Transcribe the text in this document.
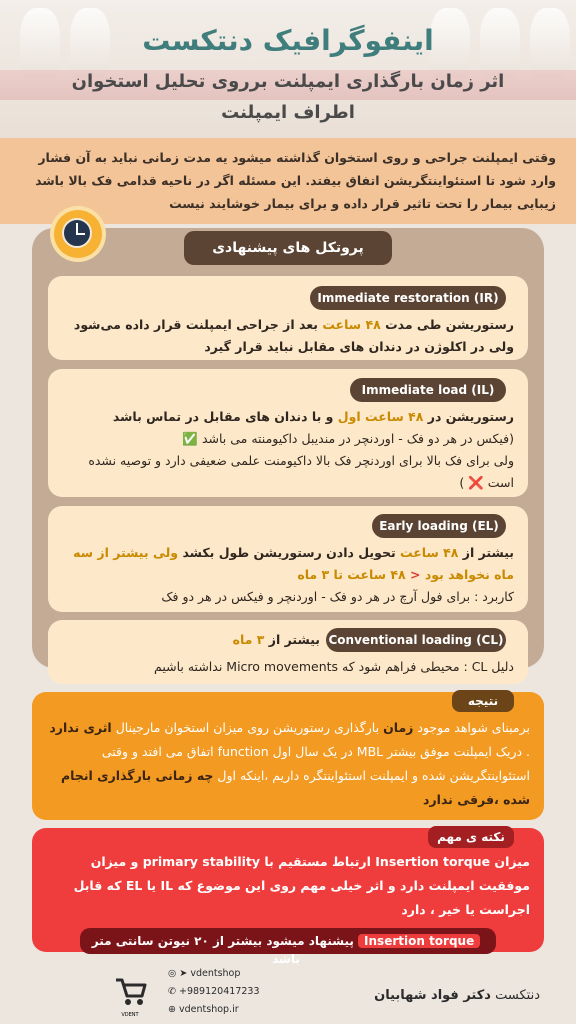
اینفوگرافیک دنتکست
اثر زمان بارگذاری ایمپلنت برروی تحلیل استخوان اطراف ایمپلنت
وقتی ایمپلنت جراحی و روی استخوان گذاشته میشود یه مدت زمانی نباید به آن فشار وارد شود تا استئواینتگریشن اتفاق بیفتد. این مسئله اگر در ناحیه قدامی فک بالا باشد زیبایی بیمار را تحت تاثیر قرار داده و برای بیمار خوشایند نیست
پروتکل های پیشنهادی
Immediate restoration (IR)
رستوریشن طی مدت ۴۸ ساعت بعد از جراحی ایمپلنت قرار داده می‌شود ولی در اکلوژن در دندان های مقابل نباید قرار گیرد
Immediate load (IL)
رستوریشن در ۴۸ ساعت اول و با دندان های مقابل در تماس باشد
(فیکس در هر دو فک - اوردنچر در مندیبل داکیومنته می باشد ✅
ولی برای فک بالا برای اوردنچر فک بالا داکیومنت علمی ضعیفی دارد و توصیه نشده است ❌ )
Early loading (EL)
بیشتر از ۴۸ ساعت تحویل دادن رستوریشن طول بکشد ولی بیشتر از سه ماه نخواهد بود < ۴۸ ساعت تا ۳ ماه
کاربرد : برای فول آرچ در هر دو فک - اوردنچر و فیکس در هر دو فک
Conventional loading (CL)
بیشتر از ۳ ماه
دلیل CL : محیطی فراهم شود که Micro movements نداشته باشیم
نتیجه
برمبنای شواهد موجود زمان بارگذاری رستوریشن روی میزان استخوان مارجینال اثری ندارد . دریک ایمپلنت موفق بیشتر MBL در یک سال اول function اتفاق می افتد و وقتی استئواینتگریشن شده و ایمپلنت استئواینتگره داریم ،اینکه اول چه زمانی بارگذاری انجام شده ،فرقی ندارد
نکته ی مهم
میزان Insertion torque ارتباط مستقیم با primary stability و میزان موفقیت ایمپلنت دارد و اثر خیلی مهم روی این موضوع که IL یا EL که قابل اجراست یا خیر ، دارد
Insertion torque پیشنهاد میشود بیشتر از ۲۰ نیوتن سانتی متر باشد
دنتکست دکتر فواد شهابیان
◎ ➤ vdentshop
✆ +989120417233
⊕ vdentshop.ir
VDENT
